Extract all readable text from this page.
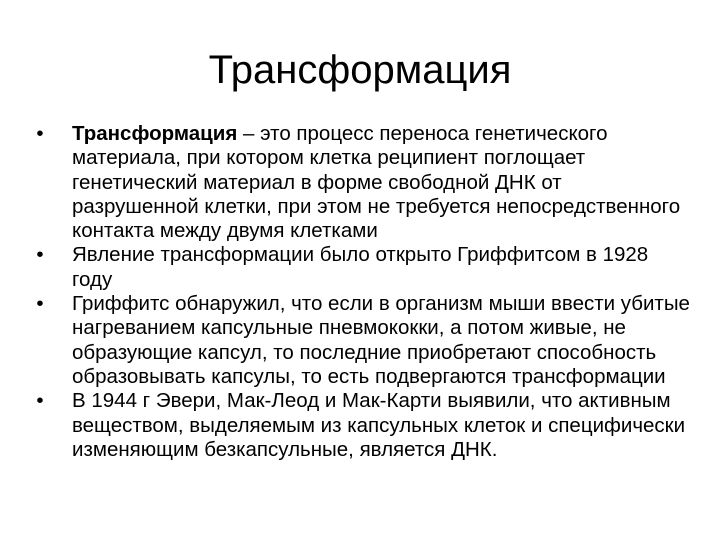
Трансформация
•	Трансформация – это процесс переноса генетического материала, при котором клетка реципиент поглощает генетический материал в форме свободной ДНК от разрушенной клетки, при этом не требуется непосредственного контакта между двумя клетками
•	Явление трансформации было открыто Гриффитсом в 1928 году
•	Гриффитс обнаружил, что если в организм мыши ввести убитые нагреванием капсульные пневмококки, а потом живые, не образующие капсул, то последние приобретают способность образовывать капсулы, то есть подвергаются трансформации
•	В 1944 г Эвери, Мак-Леод и Мак-Карти выявили, что активным веществом, выделяемым из капсульных клеток и специфически изменяющим безкапсульные, является ДНК.
